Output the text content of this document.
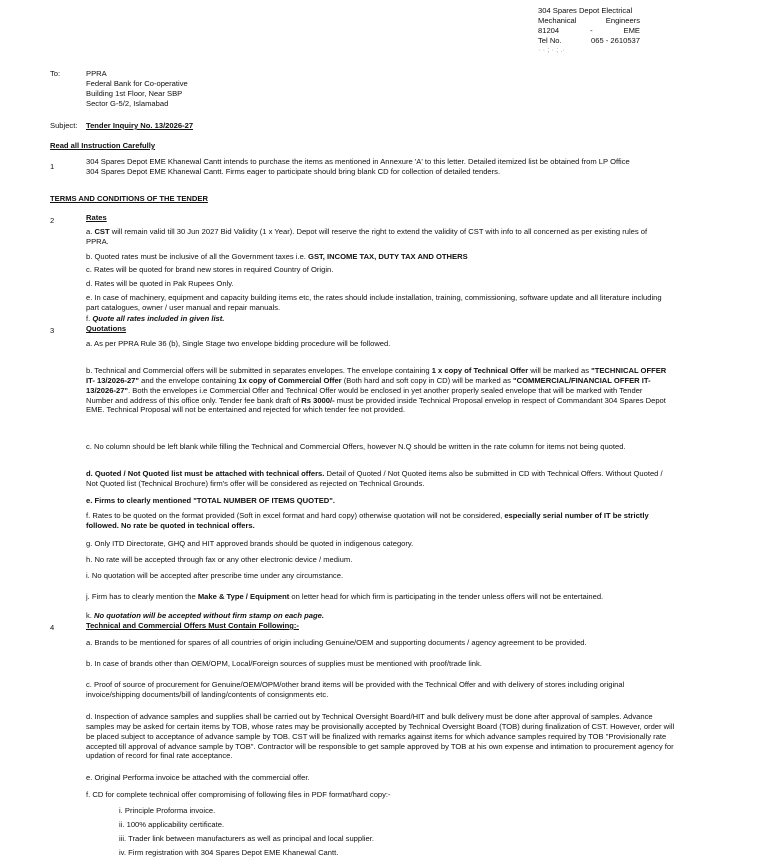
304 Spares Depot Electrical
Mechanical	Engineers
81204	-	EME
Tel No.	065 - 2610537
· · ; · ; .·
To:	PPRA
Federal Bank for Co-operative
Building 1st Floor, Near SBP
Sector G-5/2, Islamabad
Subject: Tender Inquiry No. 13/2026-27
Read all Instruction Carefully
1
304 Spares Depot EME Khanewal Cantt intends to purchase the items as mentioned in Annexure 'A' to this letter. Detailed itemized list be obtained from LP Office
304 Spares Depot EME Khanewal Cantt. Firms eager to participate should bring blank CD for collection of detailed tenders.
TERMS AND CONDITIONS OF THE TENDER
2	Rates
a. CST will remain valid till 30 Jun 2027 Bid Validity (1 x Year). Depot will reserve the right to extend the validity of CST with info to all concerned as per existing rules of PPRA.
b. Quoted rates must be inclusive of all the Government taxes i.e. GST, INCOME TAX, DUTY TAX AND OTHERS
c. Rates will be quoted for brand new stores in required Country of Origin.
d. Rates will be quoted in Pak Rupees Only.
e. In case of machinery, equipment and capacity building items etc, the rates should include installation, training, commissioning, software update and all literature including part catalogues, owner / user manual and repair manuals.
f. Quote all rates included in given list.
3	Quotations
a. As per PPRA Rule 36 (b), Single Stage two envelope bidding procedure will be followed.
b. Technical and Commercial offers will be submitted in separates envelopes. The envelope containing 1 x copy of Technical Offer will be marked as "TECHNICAL OFFER IT- 13/2026-27" and the envelope containing 1x copy of Commercial Offer (Both hard and soft copy in CD) will be marked as "COMMERCIAL/FINANCIAL OFFER IT-13/2026-27". Both the envelopes i.e Commercial Offer and Technical Offer would be enclosed in yet another properly sealed envelope that will be marked with Tender Number and address of this office only. Tender fee bank draft of Rs 3000/- must be provided inside Technical Proposal envelop in respect of Commandant 304 Spares Depot EME. Technical Proposal will not be entertained and rejected for which tender fee not provided.
c. No column should be left blank while filling the Technical and Commercial Offers, however N.Q should be written in the rate column for items not being quoted.
d. Quoted / Not Quoted list must be attached with technical offers. Detail of Quoted / Not Quoted items also be submitted in CD with Technical Offers. Without Quoted / Not Quoted list (Technical Brochure) firm's offer will be considered as rejected on Technical Grounds.
e. Firms to clearly mentioned "TOTAL NUMBER OF ITEMS QUOTED".
f. Rates to be quoted on the format provided (Soft in excel format and hard copy) otherwise quotation will not be considered, especially serial number of IT be strictly followed. No rate be quoted in technical offers.
g. Only ITD Directorate, GHQ and HIT approved brands should be quoted in indigenous category.
h. No rate will be accepted through fax or any other electronic device / medium.
i. No quotation will be accepted after prescribe time under any circumstance.
j. Firm has to clearly mention the Make & Type / Equipment on letter head for which firm is participating in the tender unless offers will not be entertained.
k. No quotation will be accepted without firm stamp on each page.
4	Technical and Commercial Offers Must Contain Following:-
a. Brands to be mentioned for spares of all countries of origin including Genuine/OEM and supporting documents / agency agreement to be provided.
b. In case of brands other than OEM/OPM, Local/Foreign sources of supplies must be mentioned with proof/trade link.
c. Proof of source of procurement for Genuine/OEM/OPM/other brand items will be provided with the Technical Offer and with delivery of stores including original invoice/shipping documents/bill of landing/contents of consignments etc.
d. Inspection of advance samples and supplies shall be carried out by Technical Oversight Board/HIT and bulk delivery must be done after approval of samples. Advance samples may be asked for certain items by TOB, whose rates may be provisionally accepted by Technical Oversight Board (TOB) during finalization of CST. However, order will be placed subject to acceptance of advance sample by TOB. CST will be finalized with remarks against items for which advance samples required by TOB "Provisionally rate accepted till approval of advance sample by TOB". Contractor will be responsible to get sample approved by TOB at his own expense and intimation to procurement agency for updation of record for final rate acceptance.
e. Original Performa invoice be attached with the commercial offer.
f. CD for complete technical offer compromising of following files in PDF format/hard copy:-
i. Principle Proforma invoice.
ii. 100% applicability certificate.
iii. Trader link between manufacturers as well as principal and local supplier.
iv. Firm registration with 304 Spares Depot EME Khanewal Cantt.
